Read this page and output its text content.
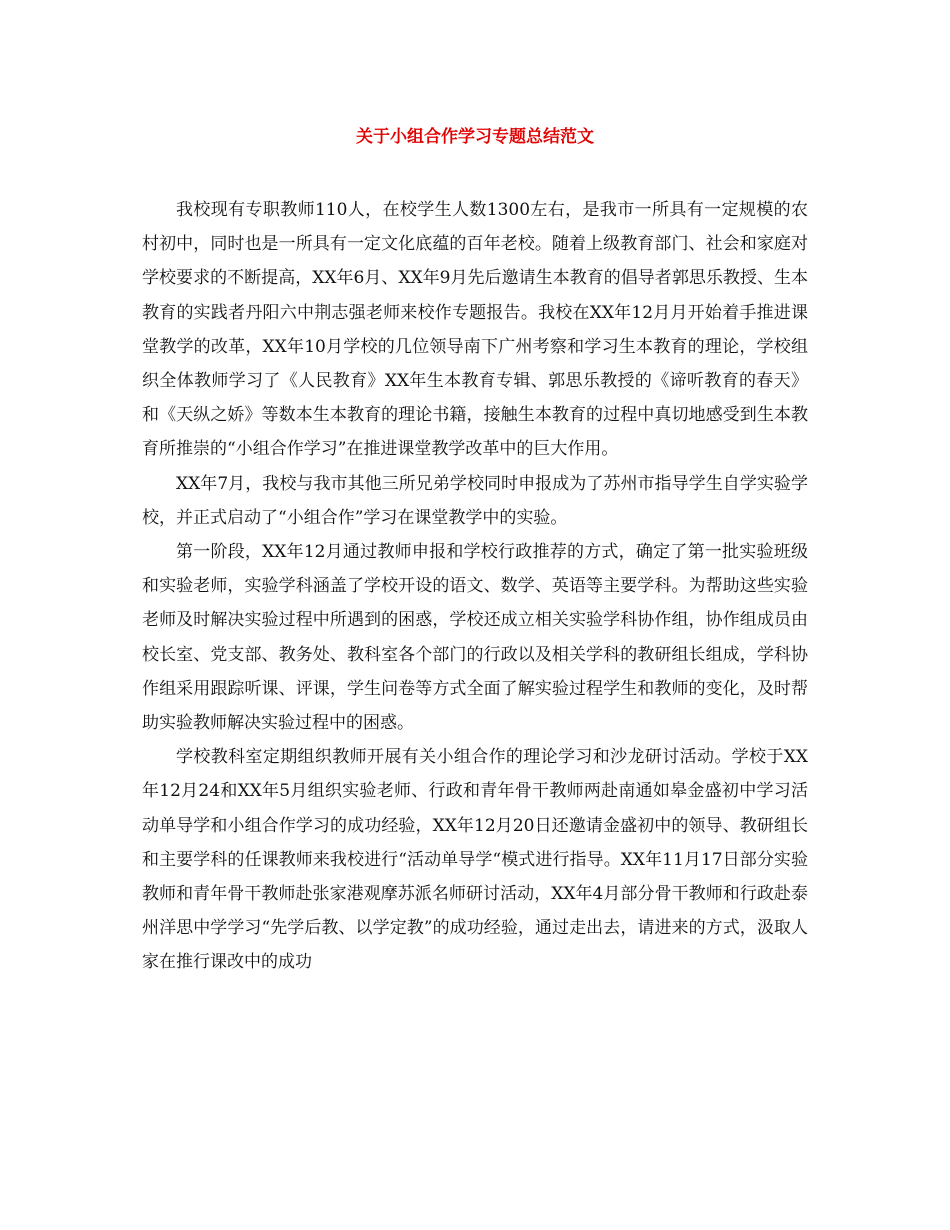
关于小组合作学习专题总结范文

我校现有专职教师110人，在校学生人数1300左右，是我市一所具有一定规模的农村初中，同时也是一所具有一定文化底蕴的百年老校。随着上级教育部门、社会和家庭对学校要求的不断提高，XX年6月、XX年9月先后邀请生本教育的倡导者郭思乐教授、生本教育的实践者丹阳六中荆志强老师来校作专题报告。我校在XX年12月月开始着手推进课堂教学的改革，XX年10月学校的几位领导南下广州考察和学习生本教育的理论，学校组织全体教师学习了《人民教育》XX年生本教育专辑、郭思乐教授的《谛听教育的春天》和《天纵之娇》等数本生本教育的理论书籍，接触生本教育的过程中真切地感受到生本教育所推崇的“小组合作学习”在推进课堂教学改革中的巨大作用。

XX年7月，我校与我市其他三所兄弟学校同时申报成为了苏州市指导学生自学实验学校，并正式启动了“小组合作”学习在课堂教学中的实验。

第一阶段，XX年12月通过教师申报和学校行政推荐的方式，确定了第一批实验班级和实验老师，实验学科涵盖了学校开设的语文、数学、英语等主要学科。为帮助这些实验老师及时解决实验过程中所遇到的困惑，学校还成立相关实验学科协作组，协作组成员由校长室、党支部、教务处、教科室各个部门的行政以及相关学科的教研组长组成，学科协作组采用跟踪听课、评课，学生问卷等方式全面了解实验过程学生和教师的变化，及时帮助实验教师解决实验过程中的困惑。

学校教科室定期组织教师开展有关小组合作的理论学习和沙龙研讨活动。学校于XX年12月24和XX年5月组织实验老师、行政和青年骨干教师两赴南通如皋金盛初中学习活动单导学和小组合作学习的成功经验，XX年12月20日还邀请金盛初中的领导、教研组长和主要学科的任课教师来我校进行“活动单导学“模式进行指导。XX年11月17日部分实验教师和青年骨干教师赴张家港观摩苏派名师研讨活动，XX年4月部分骨干教师和行政赴泰州洋思中学学习“先学后教、以学定教”的成功经验，通过走出去，请进来的方式，汲取人家在推行课改中的成功
